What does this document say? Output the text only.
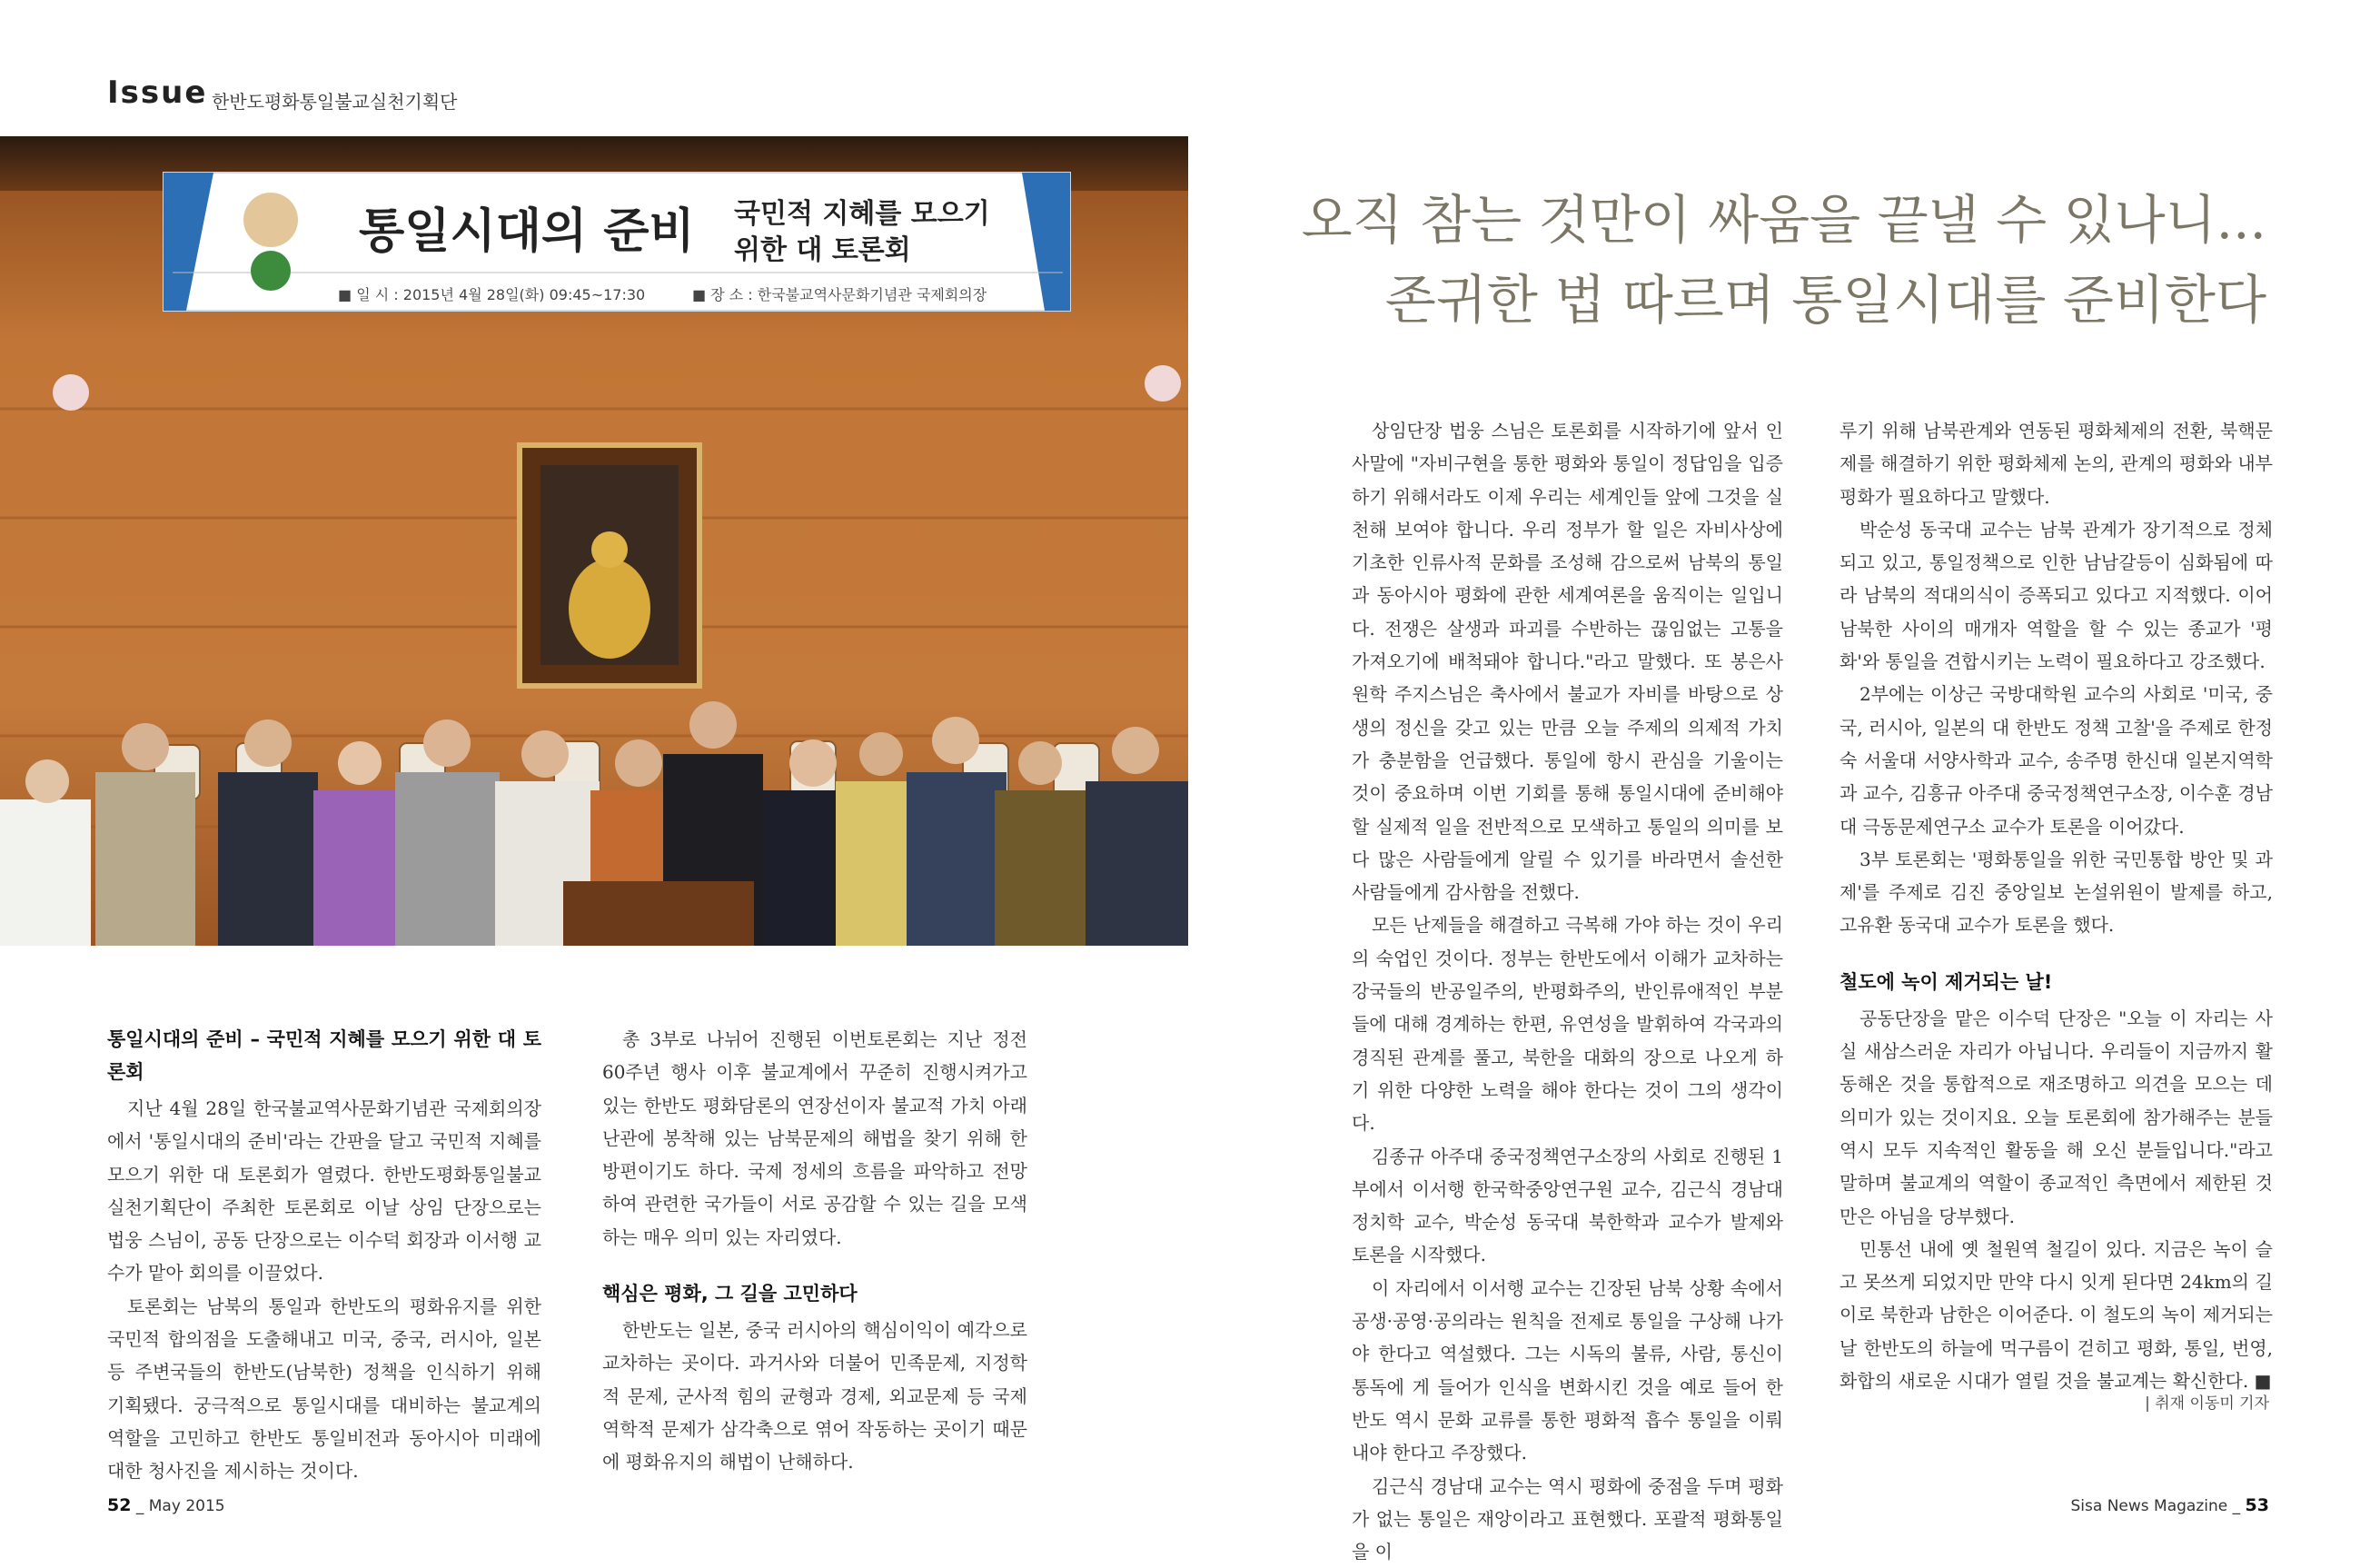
Issue 한반도평화통일불교실천기획단
통일시대의 준비 국민적 지혜를 모으기
위한 대 토론회
■ 일 시 : 2015년 4월 28일(화) 09:45~17:30	■ 장 소 : 한국불교역사문화기념관 국제회의장
오직 참는 것만이 싸움을 끝낼 수 있나니...
존귀한 법 따르며 통일시대를 준비한다
통일시대의 준비 – 국민적 지혜를 모으기 위한 대 토론회

지난 4월 28일 한국불교역사문화기념관 국제회의장에서 '통일시대의 준비'라는 간판을 달고 국민적 지혜를 모으기 위한 대 토론회가 열렸다. 한반도평화통일불교실천기획단이 주최한 토론회로 이날 상임 단장으로는 법웅 스님이, 공동 단장으로는 이수덕 회장과 이서행 교수가 맡아 회의를 이끌었다.

토론회는 남북의 통일과 한반도의 평화유지를 위한 국민적 합의점을 도출해내고 미국, 중국, 러시아, 일본 등 주변국들의 한반도(남북한) 정책을 인식하기 위해 기획됐다. 궁극적으로 통일시대를 대비하는 불교계의 역할을 고민하고 한반도 통일비전과 동아시아 미래에 대한 청사진을 제시하는 것이다.

총 3부로 나뉘어 진행된 이번토론회는 지난 정전 60주년 행사 이후 불교계에서 꾸준히 진행시켜가고 있는 한반도 평화담론의 연장선이자 불교적 가치 아래 난관에 봉착해 있는 남북문제의 해법을 찾기 위해 한 방편이기도 하다. 국제 정세의 흐름을 파악하고 전망하여 관련한 국가들이 서로 공감할 수 있는 길을 모색하는 매우 의미 있는 자리였다.

핵심은 평화, 그 길을 고민하다

한반도는 일본, 중국 러시아의 핵심이익이 예각으로 교차하는 곳이다. 과거사와 더불어 민족문제, 지정학적 문제, 군사적 힘의 균형과 경제, 외교문제 등 국제 역학적 문제가 삼각축으로 엮어 작동하는 곳이기 때문에 평화유지의 해법이 난해하다.

상임단장 법웅 스님은 토론회를 시작하기에 앞서 인사말에 "자비구현을 통한 평화와 통일이 정답임을 입증하기 위해서라도 이제 우리는 세계인들 앞에 그것을 실천해 보여야 합니다. 우리 정부가 할 일은 자비사상에 기초한 인류사적 문화를 조성해 감으로써 남북의 통일과 동아시아 평화에 관한 세계여론을 움직이는 일입니다. 전쟁은 살생과 파괴를 수반하는 끊임없는 고통을 가져오기에 배척돼야 합니다."라고 말했다. 또 봉은사 원학 주지스님은 축사에서 불교가 자비를 바탕으로 상생의 정신을 갖고 있는 만큼 오늘 주제의 의제적 가치가 충분함을 언급했다. 통일에 항시 관심을 기울이는 것이 중요하며 이번 기회를 통해 통일시대에 준비해야 할 실제적 일을 전반적으로 모색하고 통일의 의미를 보다 많은 사람들에게 알릴 수 있기를 바라면서 솔선한 사람들에게 감사함을 전했다.

모든 난제들을 해결하고 극복해 가야 하는 것이 우리의 숙업인 것이다. 정부는 한반도에서 이해가 교차하는 강국들의 반공일주의, 반평화주의, 반인류애적인 부분들에 대해 경계하는 한편, 유연성을 발휘하여 각국과의 경직된 관계를 풀고, 북한을 대화의 장으로 나오게 하기 위한 다양한 노력을 해야 한다는 것이 그의 생각이다.

김종규 아주대 중국정책연구소장의 사회로 진행된 1부에서 이서행 한국학중앙연구원 교수, 김근식 경남대 정치학 교수, 박순성 동국대 북한학과 교수가 발제와 토론을 시작했다.

이 자리에서 이서행 교수는 긴장된 남북 상황 속에서 공생·공영·공의라는 원칙을 전제로 통일을 구상해 나가야 한다고 역설했다. 그는 시독의 불류, 사람, 통신이 통독에 게 들어가 인식을 변화시킨 것을 예로 들어 한반도 역시 문화 교류를 통한 평화적 흡수 통일을 이뤄내야 한다고 주장했다.

김근식 경남대 교수는 역시 평화에 중점을 두며 평화가 없는 통일은 재앙이라고 표현했다. 포괄적 평화통일을 이

루기 위해 남북관계와 연동된 평화체제의 전환, 북핵문제를 해결하기 위한 평화체제 논의, 관계의 평화와 내부 평화가 필요하다고 말했다.

박순성 동국대 교수는 남북 관계가 장기적으로 정체되고 있고, 통일정책으로 인한 남남갈등이 심화됨에 따라 남북의 적대의식이 증폭되고 있다고 지적했다. 이어 남북한 사이의 매개자 역할을 할 수 있는 종교가 '평화'와 통일을 견합시키는 노력이 필요하다고 강조했다.

2부에는 이상근 국방대학원 교수의 사회로 '미국, 중국, 러시아, 일본의 대 한반도 정책 고찰'을 주제로 한정숙 서울대 서양사학과 교수, 송주명 한신대 일본지역학과 교수, 김흥규 아주대 중국정책연구소장, 이수훈 경남대 극동문제연구소 교수가 토론을 이어갔다.

3부 토론회는 '평화통일을 위한 국민통합 방안 및 과제'를 주제로 김진 중앙일보 논설위원이 발제를 하고, 고유환 동국대 교수가 토론을 했다.

철도에 녹이 제거되는 날!

공동단장을 맡은 이수덕 단장은 "오늘 이 자리는 사실 새삼스러운 자리가 아닙니다. 우리들이 지금까지 활동해온 것을 통합적으로 재조명하고 의견을 모으는 데 의미가 있는 것이지요. 오늘 토론회에 참가해주는 분들 역시 모두 지속적인 활동을 해 오신 분들입니다."라고 말하며 불교계의 역할이 종교적인 측면에서 제한된 것만은 아님을 당부했다.

민통선 내에 옛 철원역 철길이 있다. 지금은 녹이 슬고 못쓰게 되었지만 만약 다시 잇게 된다면 24km의 길이로 북한과 남한은 이어준다. 이 철도의 녹이 제거되는 날 한반도의 하늘에 먹구름이 걷히고 평화, 통일, 번영, 화합의 새로운 시대가 열릴 것을 불교계는 확신한다. ■

| 취재 이동미 기자
52 _ May 2015	Sisa News Magazine _ 53
